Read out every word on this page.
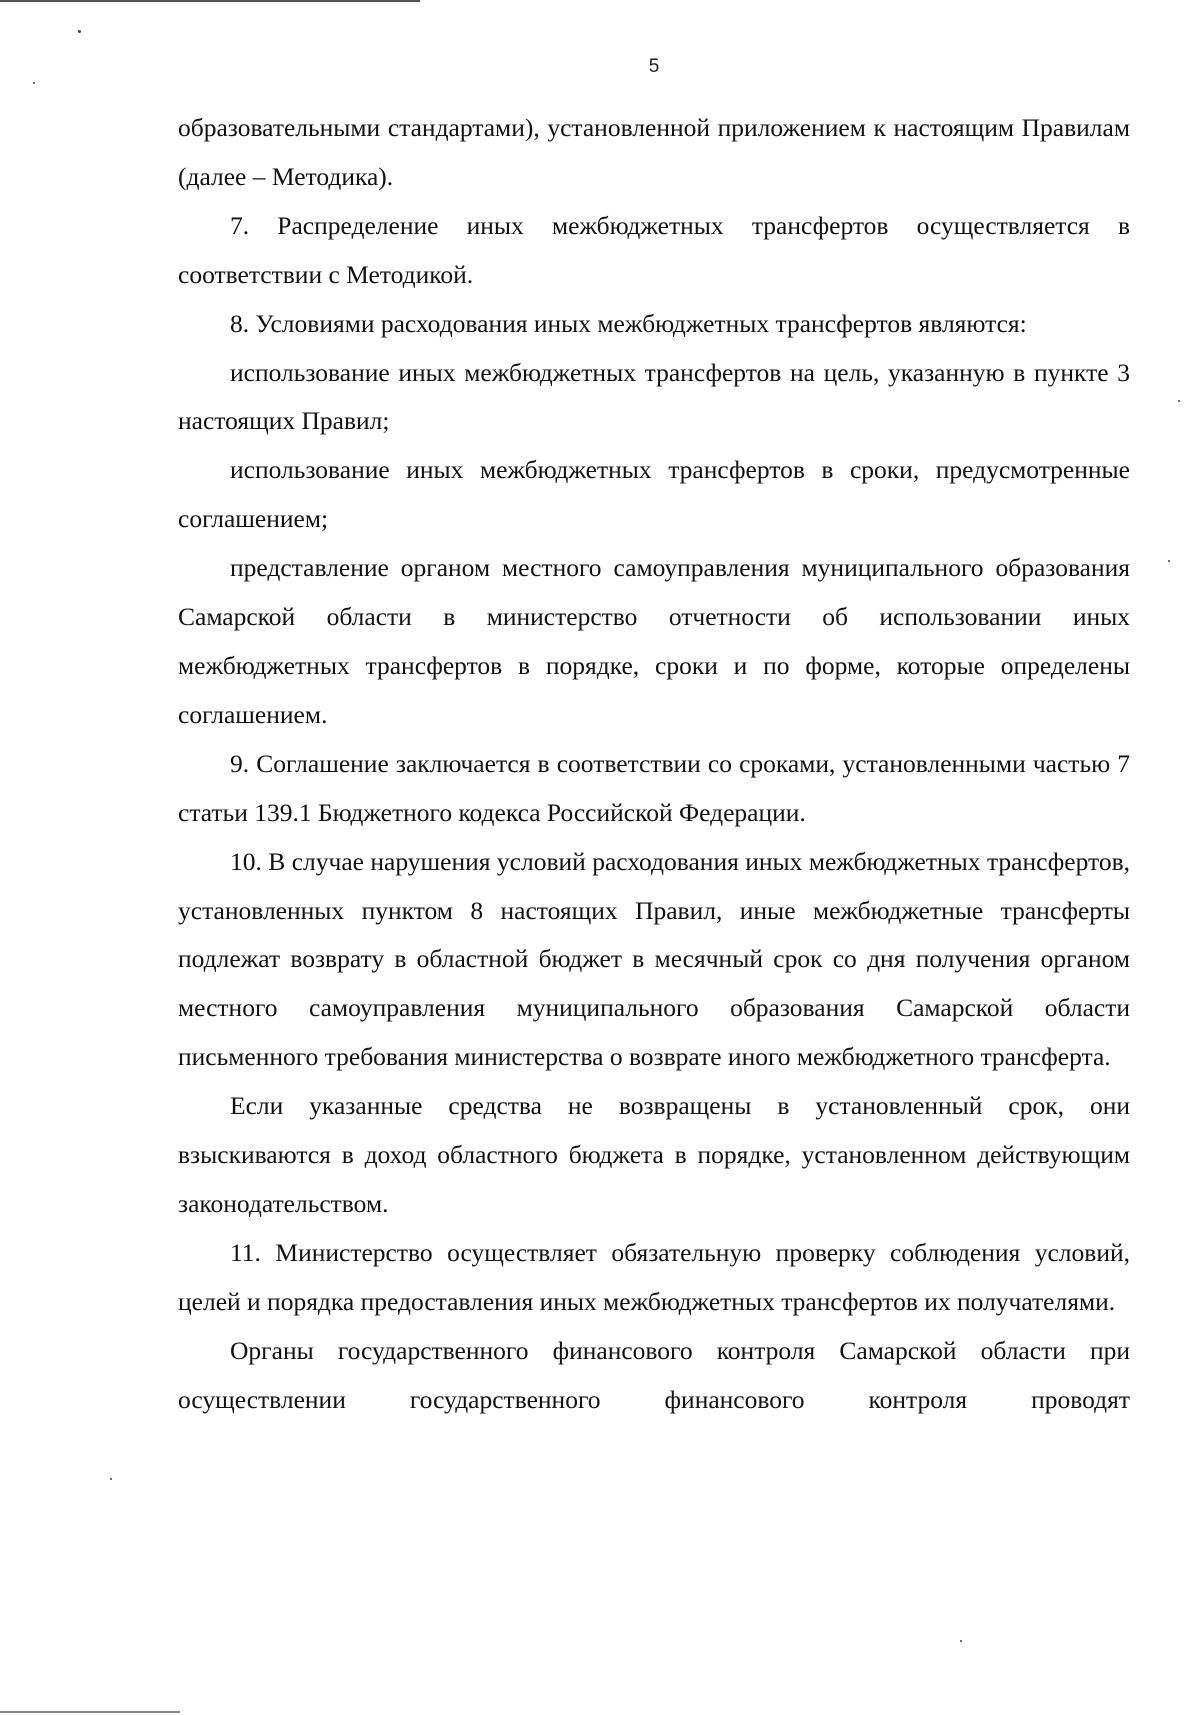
5

образовательными стандартами), установленной приложением к настоящим Правилам (далее – Методика).

7. Распределение иных межбюджетных трансфертов осуществляется в соответствии с Методикой.

8. Условиями расходования иных межбюджетных трансфертов являются:

использование иных межбюджетных трансфертов на цель, указанную в пункте 3 настоящих Правил;

использование иных межбюджетных трансфертов в сроки, предусмотренные соглашением;

представление органом местного самоуправления муниципального образования Самарской области в министерство отчетности об использовании иных межбюджетных трансфертов в порядке, сроки и по форме, которые определены соглашением.

9. Соглашение заключается в соответствии со сроками, установленными частью 7 статьи 139.1 Бюджетного кодекса Российской Федерации.

10. В случае нарушения условий расходования иных межбюджетных трансфертов, установленных пунктом 8 настоящих Правил, иные межбюджетные трансферты подлежат возврату в областной бюджет в месячный срок со дня получения органом местного самоуправления муниципального образования Самарской области письменного требования министерства о возврате иного межбюджетного трансферта.

Если указанные средства не возвращены в установленный срок, они взыскиваются в доход областного бюджета в порядке, установленном действующим законодательством.

11. Министерство осуществляет обязательную проверку соблюдения условий, целей и порядка предоставления иных межбюджетных трансфертов их получателями.

Органы государственного финансового контроля Самарской области при осуществлении государственного финансового контроля проводят
